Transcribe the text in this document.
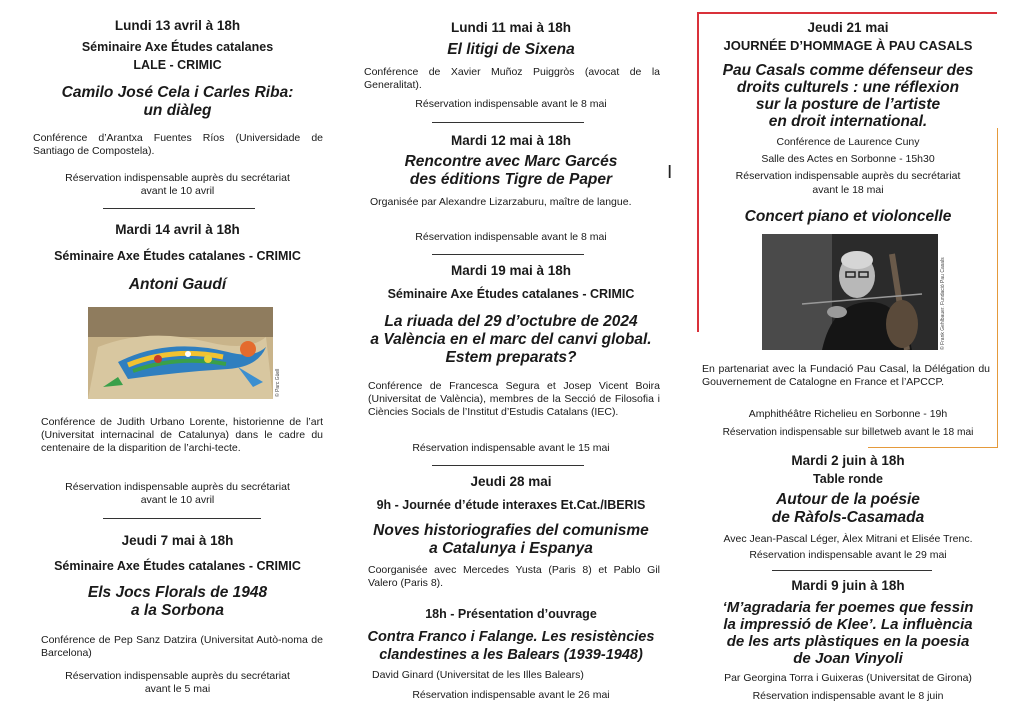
Lundi 13 avril à 18h
Séminaire Axe Études catalanes
LALE - CRIMIC
Camilo José Cela i Carles Riba:
un diàleg
Conférence d’Arantxa Fuentes Ríos (Universidade de Santiago de Compostela).
Réservation indispensable auprès du secrétariat
avant le 10 avril
Mardi 14 avril à 18h
Séminaire Axe Études catalanes - CRIMIC
Antoni Gaudí
© Parc Güell
Conférence de Judith Urbano Lorente, historienne de l’art (Universitat internacinal de Catalunya) dans le cadre du centenaire de la disparition de l’archi-tecte.
Réservation indispensable auprès du secrétariat
avant le 10 avril
Jeudi 7 mai à 18h
Séminaire Axe Études catalanes - CRIMIC
Els Jocs Florals de 1948
a la Sorbona
Conférence de Pep Sanz Datzira (Universitat Autò-noma de Barcelona)
Réservation indispensable auprès du secrétariat
avant le 5 mai
Lundi 11 mai à 18h
El litigi de Sixena
Conférence de Xavier Muñoz Puiggròs (avocat de la Generalitat).
Réservation indispensable avant le 8 mai
Mardi 12 mai à 18h
Rencontre avec Marc Garcés
des éditions Tigre de Paper
Organisée par Alexandre Lizarzaburu, maître de langue.
Réservation indispensable avant le 8 mai
Mardi 19 mai à 18h
Séminaire Axe Études catalanes - CRIMIC
La riuada del 29 d’octubre de 2024
a València en el marc del canvi global.
Estem preparats?
Conférence de Francesca Segura et Josep Vicent Boira (Universitat de València), membres de la Secció de Filosofia i Ciències Socials de l’Institut d’Estudis Catalans (IEC).
Réservation indispensable avant le 15 mai
Jeudi 28 mai
9h - Journée d’étude interaxes Et.Cat./IBERIS
Noves historiografies del comunisme
a Catalunya i Espanya
Coorganisée avec Mercedes Yusta (Paris 8) et Pablo Gil Valero (Paris 8).
18h - Présentation d’ouvrage
Contra Franco i Falange. Les resistències
clandestines a les Balears (1939-1948)
David Ginard (Universitat de les Illes Balears)
Réservation indispensable avant le 26 mai
Jeudi 21 mai
JOURNÉE D’HOMMAGE À PAU CASALS
Pau Casals comme défenseur des
droits culturels : une réflexion
sur la posture de l’artiste
en droit international.
Conférence de Laurence Cuny
Salle des Actes en Sorbonne - 15h30
Réservation indispensable auprès du secrétariat
avant le 18 mai
Concert piano et violoncelle
© Frank Gehlbauer. Fundació Pau Casals
En partenariat avec la Fundació Pau Casal, la Délégation du Gouvernement de Catalogne en France et l’APCCP.
Amphithéâtre Richelieu en Sorbonne - 19h
Réservation indispensable sur billetweb avant le 18 mai
Mardi 2 juin à 18h
Table ronde
Autour de la poésie
de Ràfols-Casamada
Avec Jean-Pascal Léger, Àlex Mitrani et Elisée Trenc.
Réservation indispensable avant le 29 mai
Mardi 9 juin à 18h
‘M’agradaria fer poemes que fessin
la impressió de Klee’. La influència
de les arts plàstiques en la poesia
de Joan Vinyoli
Par Georgina Torra i Guixeras (Universitat de Girona)
Réservation indispensable avant le 8 juin
I
